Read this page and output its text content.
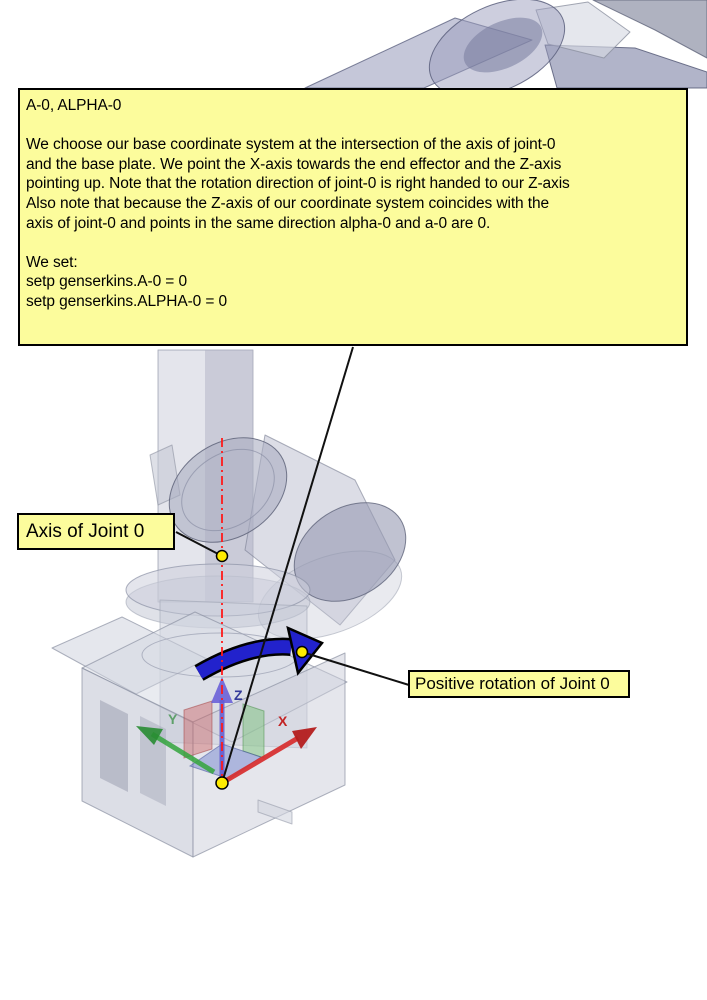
Y	X
Z
A-0, ALPHA-0
We choose our base coordinate system at the intersection of the axis of joint-0
and the base plate. We point the X-axis towards the end effector and the Z-axis
pointing up. Note that the rotation direction of joint-0 is right handed to our Z-axis
Also note that because the Z-axis of our coordinate system coincides with the
axis of joint-0 and points in the same direction alpha-0 and a-0 are 0.
We set:
setp genserkins.A-0 = 0
setp genserkins.ALPHA-0 = 0
Axis of Joint 0
Positive rotation of Joint 0
